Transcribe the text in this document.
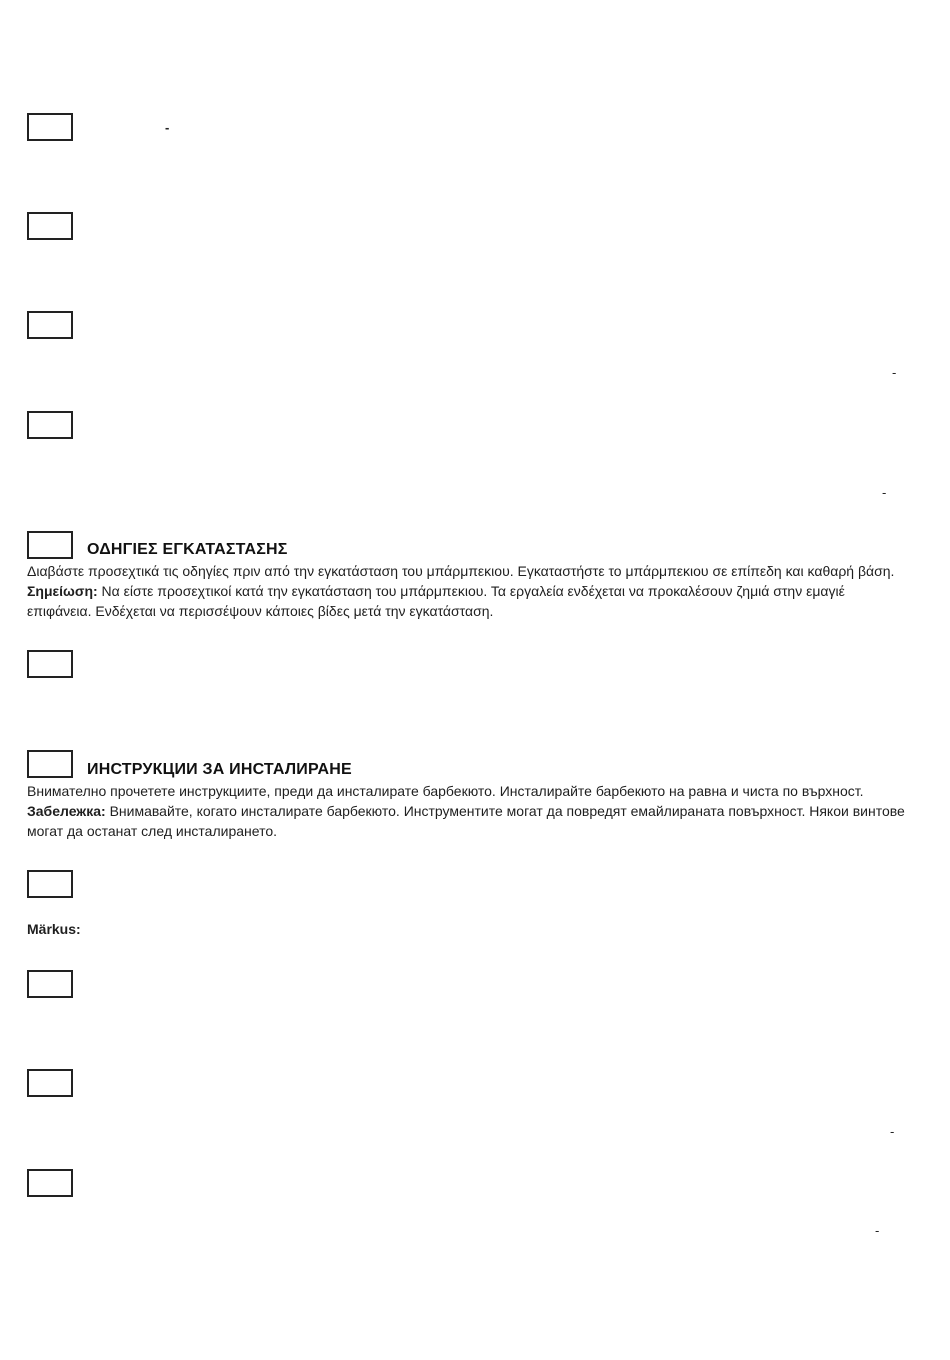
-
-
-
-
-
ΟΔΗΓΙΕΣ ΕΓΚΑΤΑΣΤΑΣΗΣ
Διαβάστε προσεχτικά τις οδηγίες πριν από την εγκατάσταση του μπάρμπεκιου. Εγκαταστήστε το μπάρμπεκιου σε επίπεδη και καθαρή βάση.
Σημείωση: Να είστε προσεχτικοί κατά την εγκατάσταση του μπάρμπεκιου. Τα εργαλεία ενδέχεται να προκαλέσουν ζημιά στην εμαγιέ επιφάνεια. Ενδέχεται να περισσέψουν κάποιες βίδες μετά την εγκατάσταση.
ИНСТРУКЦИИ ЗА ИНСТАЛИРАНЕ
Внимателно прочетете инструкциите, преди да инсталирате барбекюто. Инсталирайте барбекюто на равна и чиста по върхност.
Забележка: Внимавайте, когато инсталирате барбекюто. Инструментите могат да повредят емайлираната повърхност. Някои винтове могат да останат след инсталирането.
Märkus:
